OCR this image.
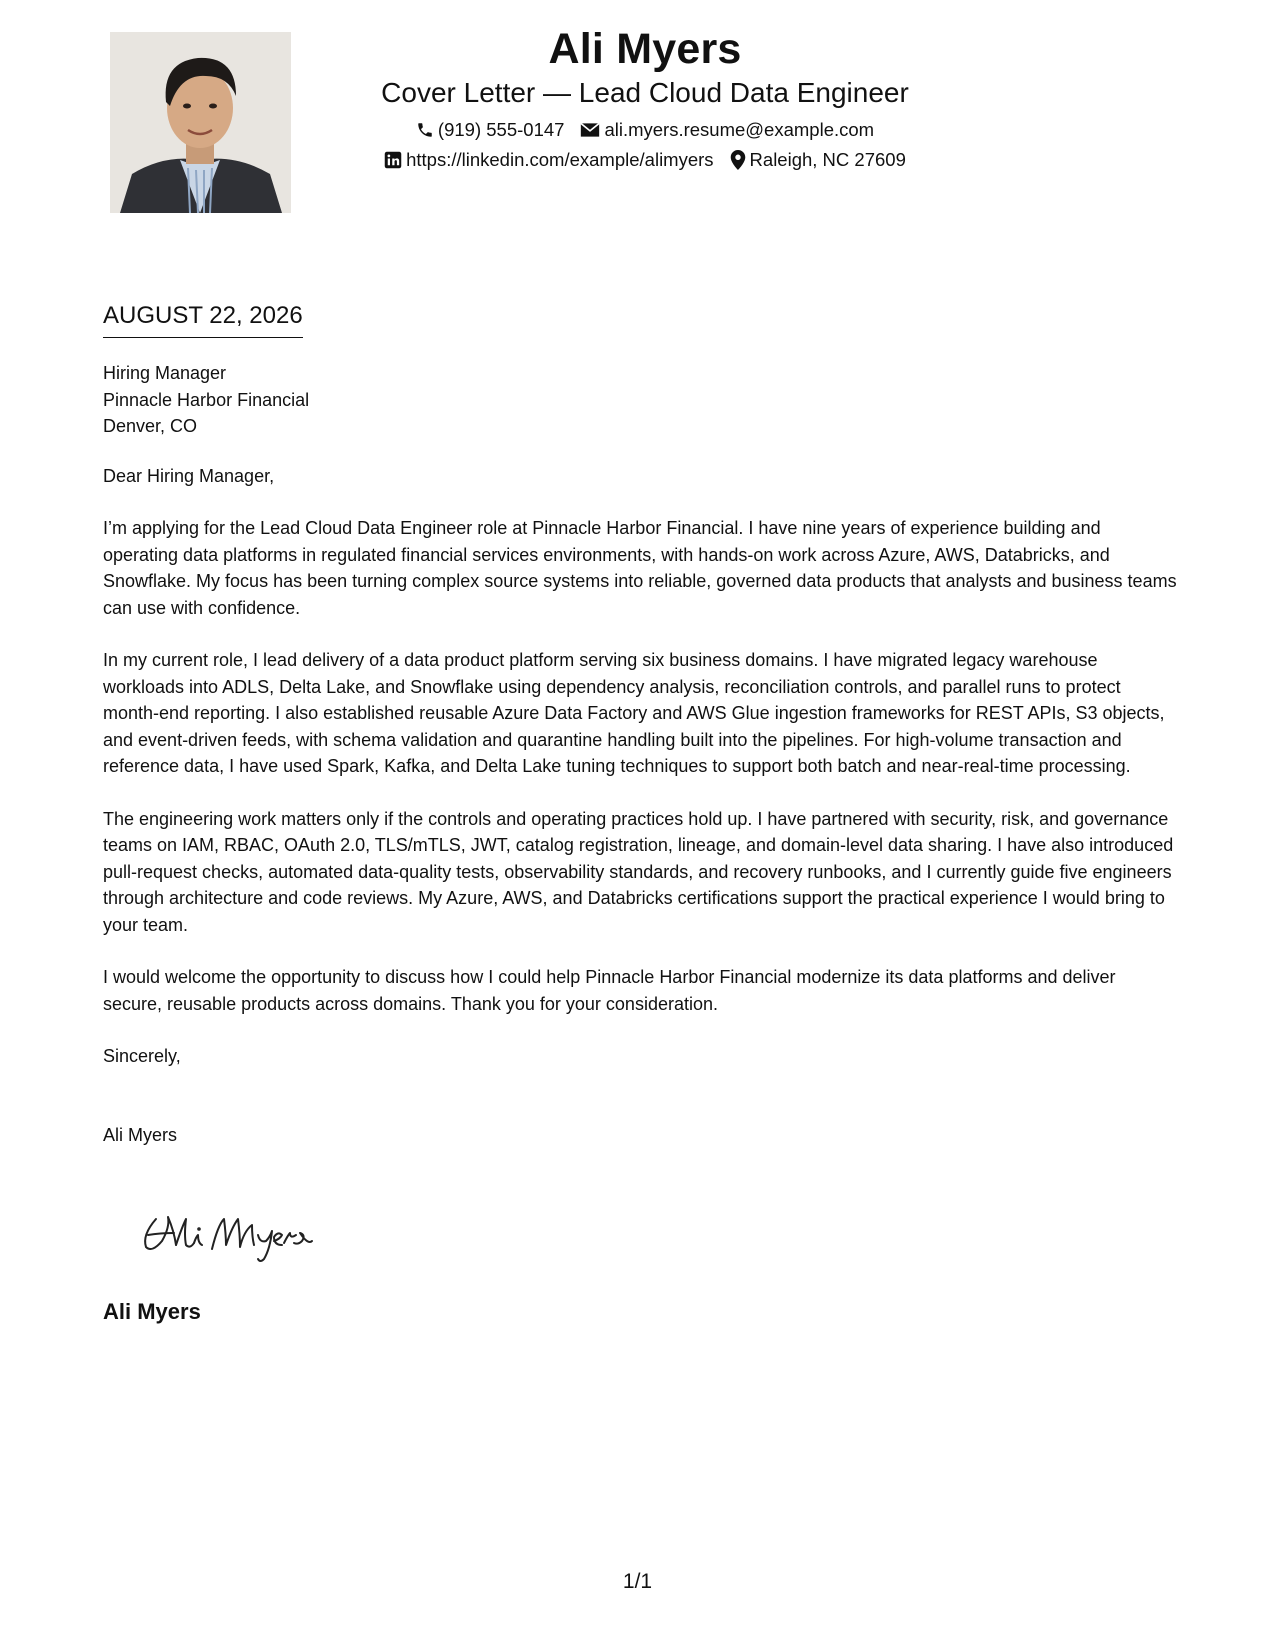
Ali Myers
Cover Letter — Lead Cloud Data Engineer
(919) 555-0147 ali.myers.resume@example.com
https://linkedin.com/example/alimyers Raleigh, NC 27609
AUGUST 22, 2026

Hiring Manager

Pinnacle Harbor Financial

Denver, CO

Dear Hiring Manager,

I’m applying for the Lead Cloud Data Engineer role at Pinnacle Harbor Financial. I have nine years of experience building and operating data platforms in regulated financial services environments, with hands-on work across Azure, AWS, Databricks, and Snowflake. My focus has been turning complex source systems into reliable, governed data products that analysts and business teams can use with confidence.

In my current role, I lead delivery of a data product platform serving six business domains. I have migrated legacy warehouse workloads into ADLS, Delta Lake, and Snowflake using dependency analysis, reconciliation controls, and parallel runs to protect month-end reporting. I also established reusable Azure Data Factory and AWS Glue ingestion frameworks for REST APIs, S3 objects, and event-driven feeds, with schema validation and quarantine handling built into the pipelines. For high-volume transaction and reference data, I have used Spark, Kafka, and Delta Lake tuning techniques to support both batch and near-real-time processing.

The engineering work matters only if the controls and operating practices hold up. I have partnered with security, risk, and governance teams on IAM, RBAC, OAuth 2.0, TLS/mTLS, JWT, catalog registration, lineage, and domain-level data sharing. I have also introduced pull-request checks, automated data-quality tests, observability standards, and recovery runbooks, and I currently guide five engineers through architecture and code reviews. My Azure, AWS, and Databricks certifications support the practical experience I would bring to your team.

I would welcome the opportunity to discuss how I could help Pinnacle Harbor Financial modernize its data platforms and deliver secure, reusable products across domains. Thank you for your consideration.

Sincerely,

Ali Myers

Ali Myers
1/1
